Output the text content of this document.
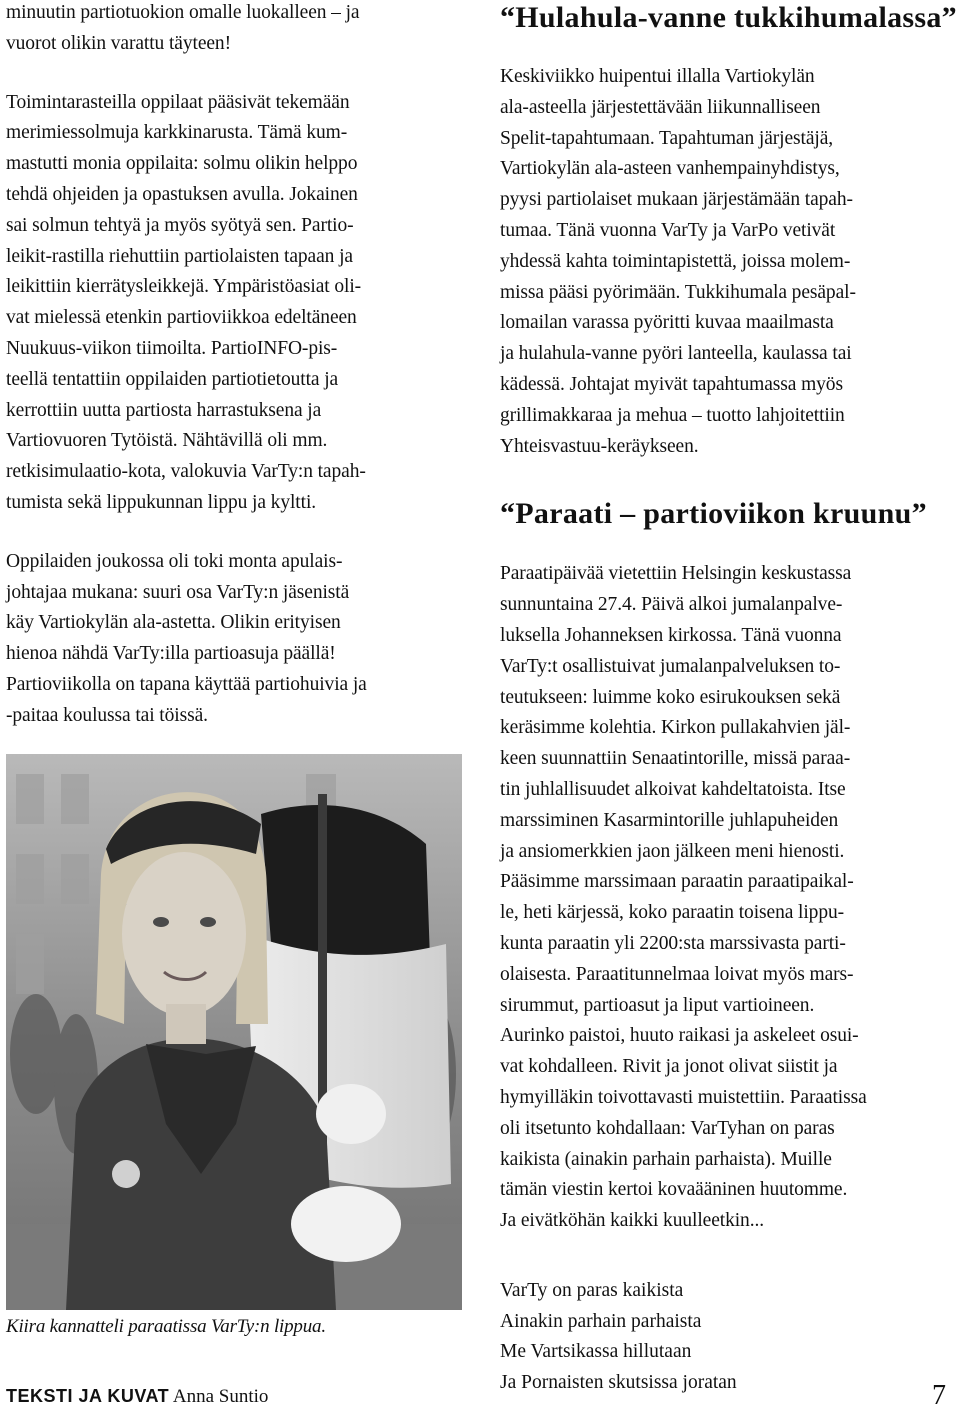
minuutin partiotuokion omalle luokalleen – ja
vuorot olikin varattu täyteen!

Toimintarasteilla oppilaat pääsivät tekemään
merimiessolmuja karkkinarusta. Tämä kum-
mastutti monia oppilaita: solmu olikin helppo
tehdä ohjeiden ja opastuksen avulla. Jokainen
sai solmun tehtyä ja myös syötyä sen. Partio-
leikit-rastilla riehuttiin partiolaisten tapaan ja
leikittiin kierrätysleikkejä. Ympäristöasiat oli-
vat mielessä etenkin partioviikkoa edeltäneen
Nuukuus-viikon tiimoilta. PartioINFO-pis-
teellä tentattiin oppilaiden partiotietoutta ja
kerrottiin uutta partiosta harrastuksena ja
Vartiovuoren Tytöistä. Nähtävillä oli mm.
retkisimulaatio-kota, valokuvia VarTy:n tapah-
tumista sekä lippukunnan lippu ja kyltti.

Oppilaiden joukossa oli toki monta apulais-
johtajaa mukana: suuri osa VarTy:n jäsenistä
käy Vartiokylän ala-astetta. Olikin erityisen
hienoa nähdä VarTy:illa partioasuja päällä!
Partioviikolla on tapana käyttää partiohuivia ja
-paitaa koulussa tai töissä.

Kiira kannatteli paraatissa VarTy:n lippua.
TEKSTI JA KUVAT Anna Suntio
“Hulahula-vanne tukkihumalassa”

Keskiviikko huipentui illalla Vartiokylän
ala-asteella järjestettävään liikunnalliseen
Spelit-tapahtumaan. Tapahtuman järjestäjä,
Vartiokylän ala-asteen vanhempainyhdistys,
pyysi partiolaiset mukaan järjestämään tapah-
tumaa. Tänä vuonna VarTy ja VarPo vetivät
yhdessä kahta toimintapistettä, joissa molem-
missa pääsi pyörimään. Tukkihumala pesäpal-
lomailan varassa pyöritti kuvaa maailmasta
ja hulahula-vanne pyöri lanteella, kaulassa tai
kädessä. Johtajat myivät tapahtumassa myös
grillimakkaraa ja mehua – tuotto lahjoitettiin
Yhteisvastuu-keräykseen.

“Paraati – partioviikon kruunu”

Paraatipäivää vietettiin Helsingin keskustassa
sunnuntaina 27.4. Päivä alkoi jumalanpalve-
luksella Johanneksen kirkossa. Tänä vuonna
VarTy:t osallistuivat jumalanpalveluksen to-
teutukseen: luimme koko esirukouksen sekä
keräsimme kolehtia. Kirkon pullakahvien jäl-
keen suunnattiin Senaatintorille, missä paraa-
tin juhlallisuudet alkoivat kahdeltatoista. Itse
marssiminen Kasarmintorille juhlapuheiden
ja ansiomerkkien jaon jälkeen meni hienosti.
Pääsimme marssimaan paraatin paraatipaikal-
le, heti kärjessä, koko paraatin toisena lippu-
kunta paraatin yli 2200:sta marssivasta parti-
olaisesta. Paraatitunnelmaa loivat myös mars-
sirummut, partioasut ja liput vartioineen.
Aurinko paistoi, huuto raikasi ja askeleet osui-
vat kohdalleen. Rivit ja jonot olivat siistit ja
hymyilläkin toivottavasti muistettiin. Paraatissa
oli itsetunto kohdallaan: VarTyhan on paras
kaikista (ainakin parhain parhaista). Muille
tämän viestin kertoi kovaääninen huutomme.
Ja eivätköhän kaikki kuulleetkin...

VarTy on paras kaikista
Ainakin parhain parhaista
Me Vartsikassa hillutaan
Ja Pornaisten skutsissa joratan	7
